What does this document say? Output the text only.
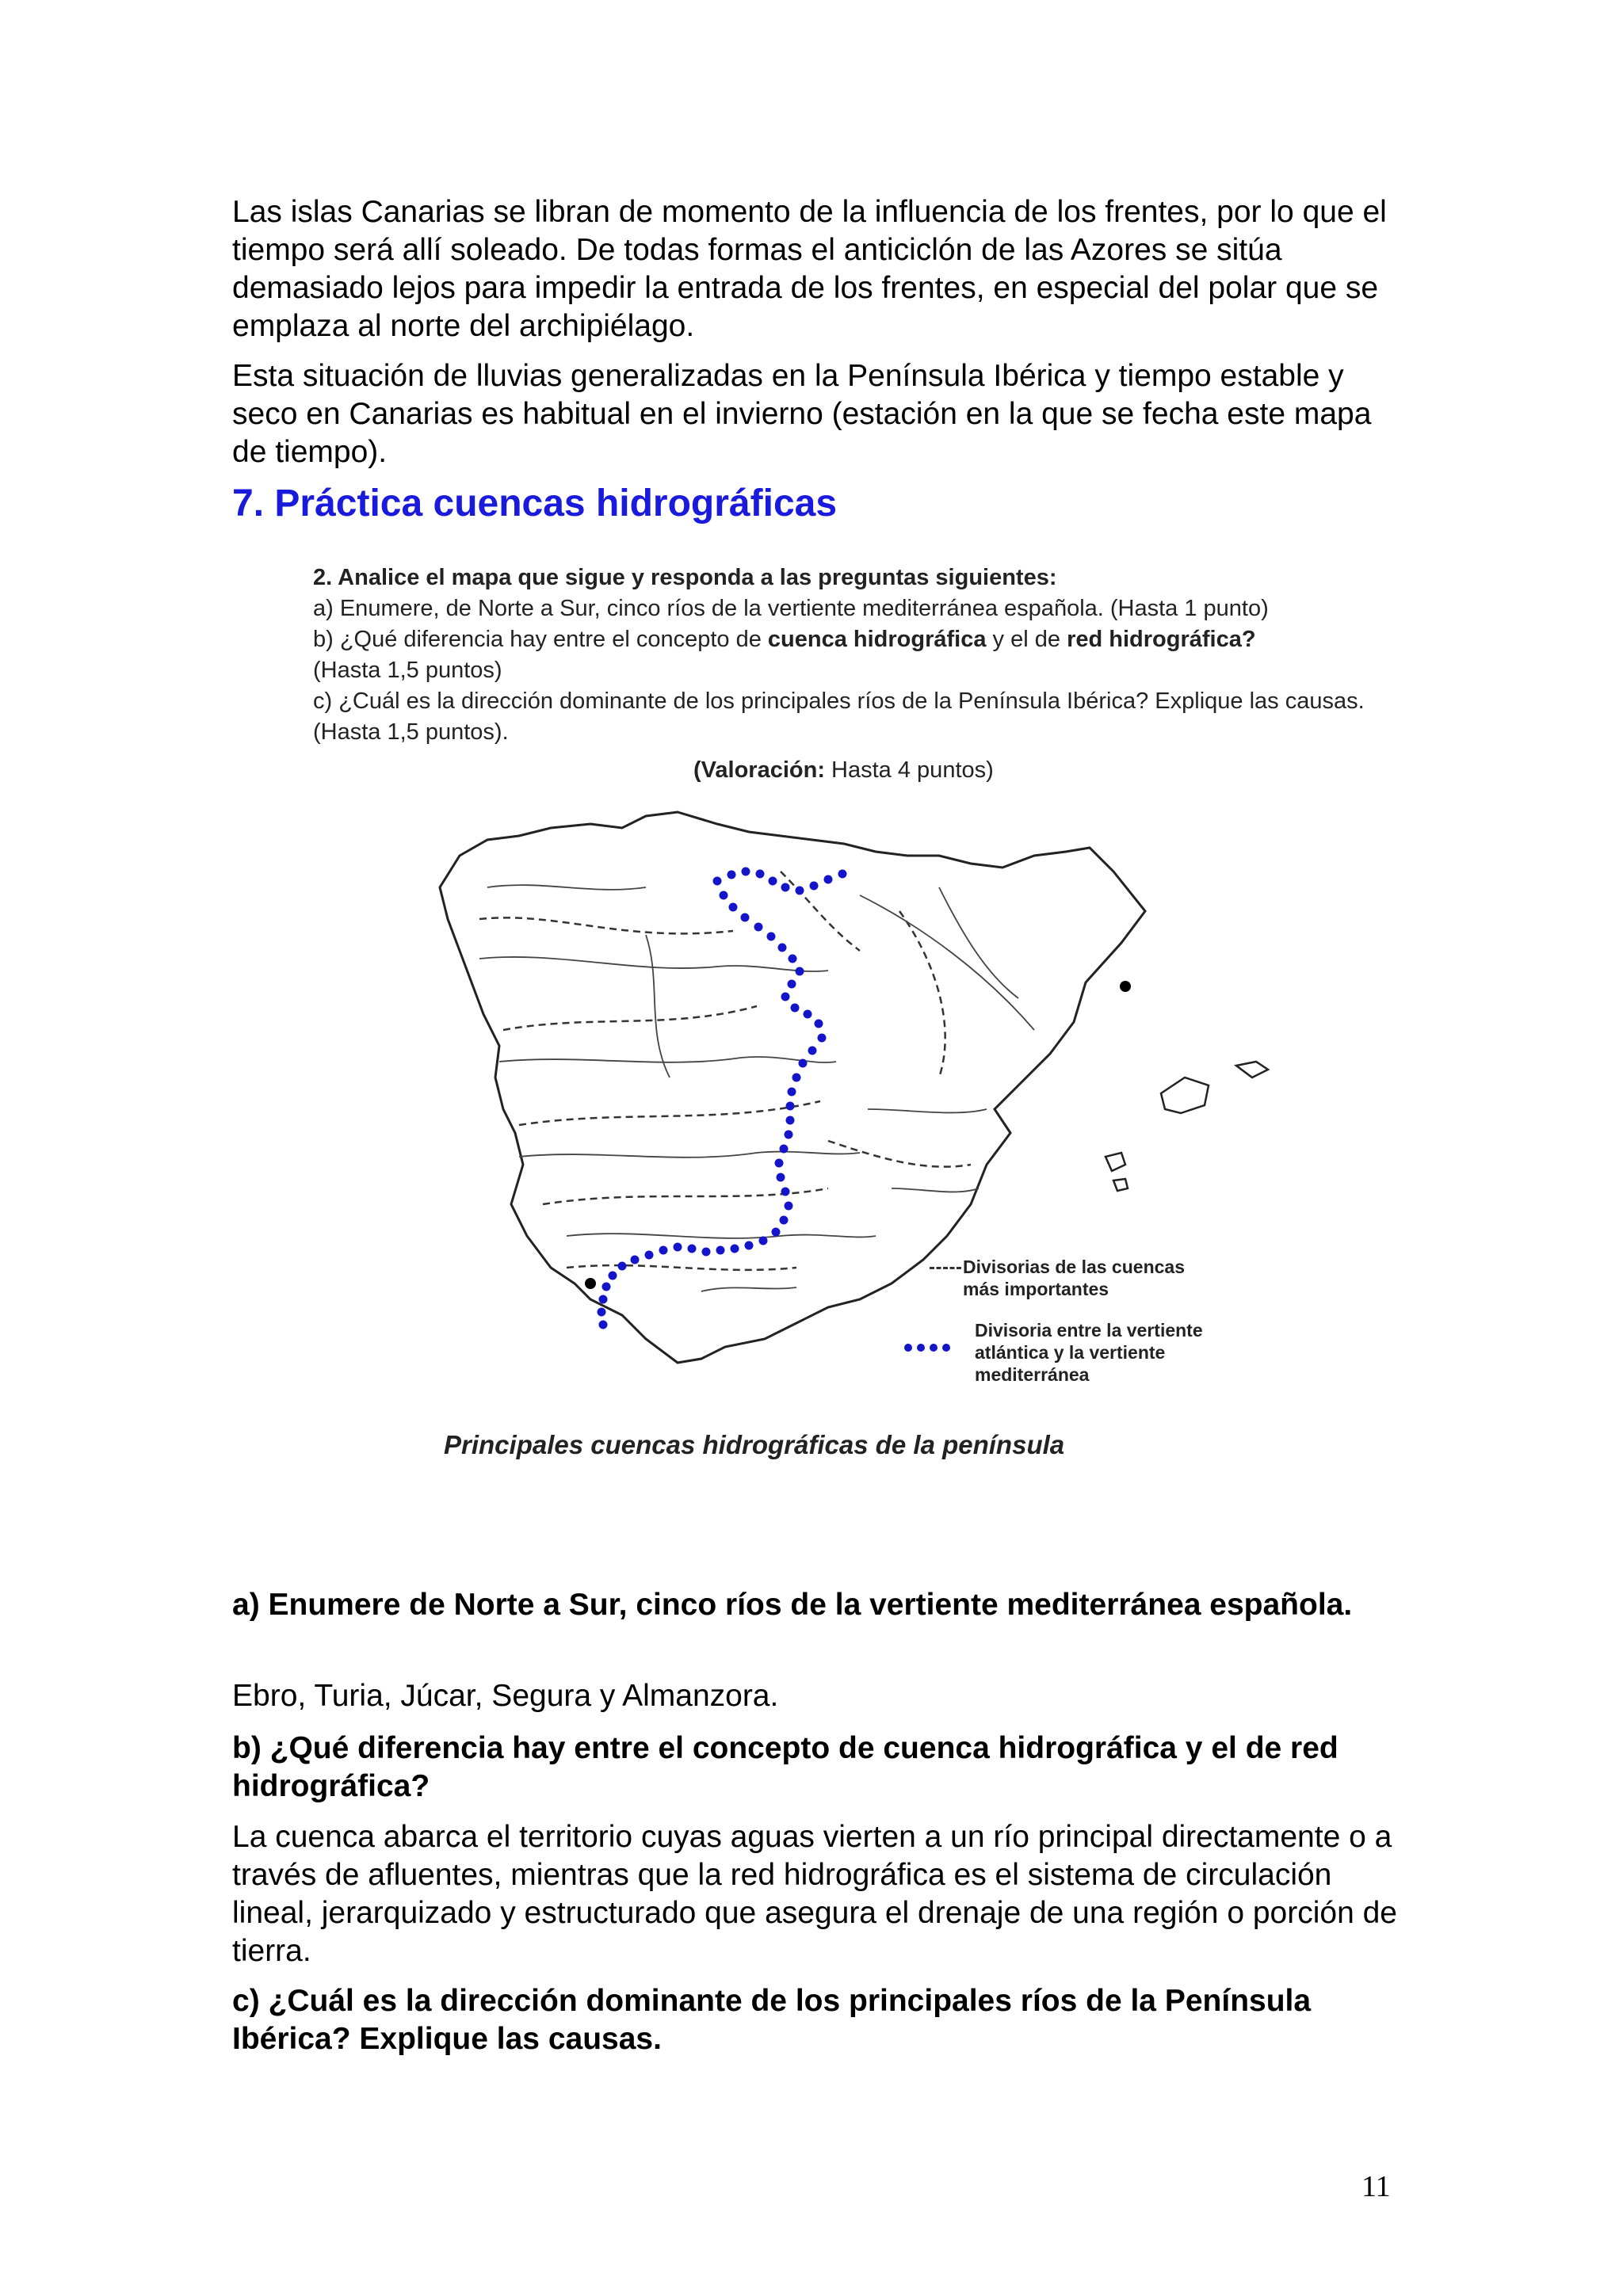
Las islas Canarias se libran de momento de la influencia de los frentes, por lo que el tiempo será allí soleado. De todas formas el anticiclón de las Azores se sitúa demasiado lejos para impedir la entrada de los frentes, en especial del polar que se emplaza al norte del archipiélago.

Esta situación de lluvias generalizadas en la Península Ibérica y tiempo estable y seco en Canarias es habitual en el invierno (estación en la que se fecha este mapa de tiempo).

7. Práctica cuencas hidrográficas

2. Analice el mapa que sigue y responda a las preguntas siguientes:

a) Enumere, de Norte a Sur, cinco ríos de la vertiente mediterránea española. (Hasta 1 punto)

b) ¿Qué diferencia hay entre el concepto de cuenca hidrográfica y el de red hidrográfica?

(Hasta 1,5 puntos)

c) ¿Cuál es la dirección dominante de los principales ríos de la Península Ibérica? Explique las causas.

(Hasta 1,5 puntos).

(Valoración: Hasta 4 puntos)
Divisorias de las cuencas
más importantes
Divisoria entre la vertiente
atlántica y la vertiente
mediterránea
Principales cuencas hidrográficas de la península

a) Enumere de Norte a Sur, cinco ríos de la vertiente mediterránea española.

Ebro, Turia, Júcar, Segura y Almanzora.

b) ¿Qué diferencia hay entre el concepto de cuenca hidrográfica y el de red hidrográfica?

La cuenca abarca el territorio cuyas aguas vierten a un río principal directamente o a través de afluentes, mientras que la red hidrográfica es el sistema de circulación lineal, jerarquizado y estructurado que asegura el drenaje de una región o porción de tierra.

c) ¿Cuál es la dirección dominante de los principales ríos de la Península Ibérica? Explique las causas.

11
